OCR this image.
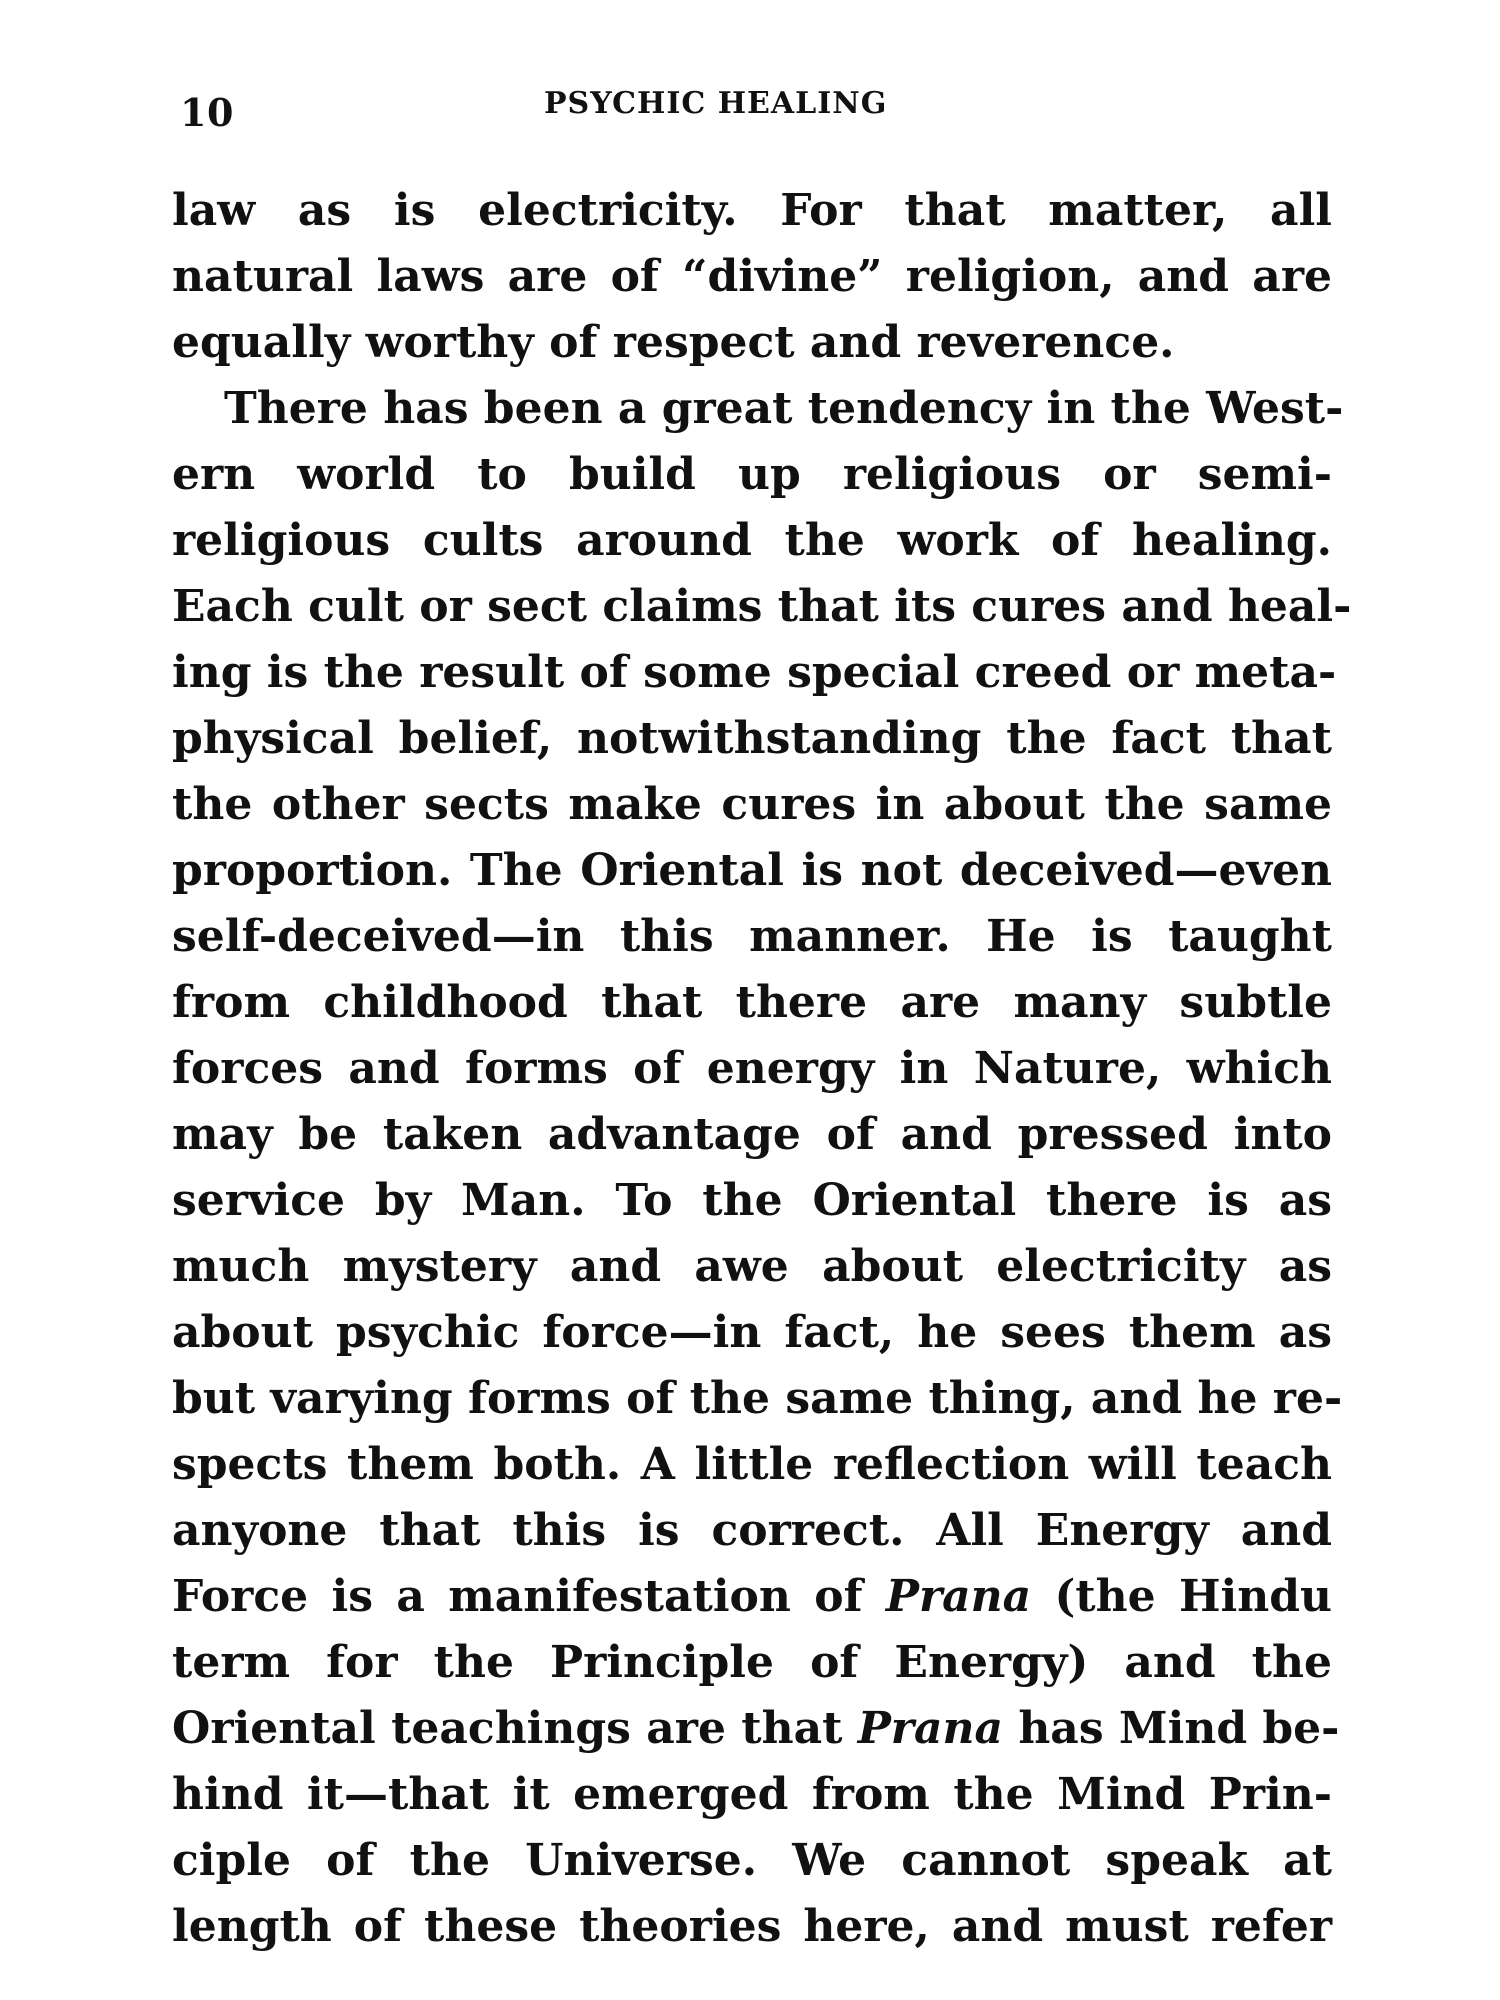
10	PSYCHIC HEALING
law as is electricity. For that matter, all
natural laws are of “divine” religion, and are
equally worthy of respect and reverence.
There has been a great tendency in the West-
ern world to build up religious or semi-
religious cults around the work of healing.
Each cult or sect claims that its cures and heal-
ing is the result of some special creed or meta-
physical belief, notwithstanding the fact that
the other sects make cures in about the same
proportion. The Oriental is not deceived—even
self-deceived—in this manner. He is taught
from childhood that there are many subtle
forces and forms of energy in Nature, which
may be taken advantage of and pressed into
service by Man. To the Oriental there is as
much mystery and awe about electricity as
about psychic force—in fact, he sees them as
but varying forms of the same thing, and he re-
spects them both. A little reflection will teach
anyone that this is correct. All Energy and
Force is a manifestation of Prana (the Hindu
term for the Principle of Energy) and the
Oriental teachings are that Prana has Mind be-
hind it—that it emerged from the Mind Prin-
ciple of the Universe. We cannot speak at
length of these theories here, and must refer
